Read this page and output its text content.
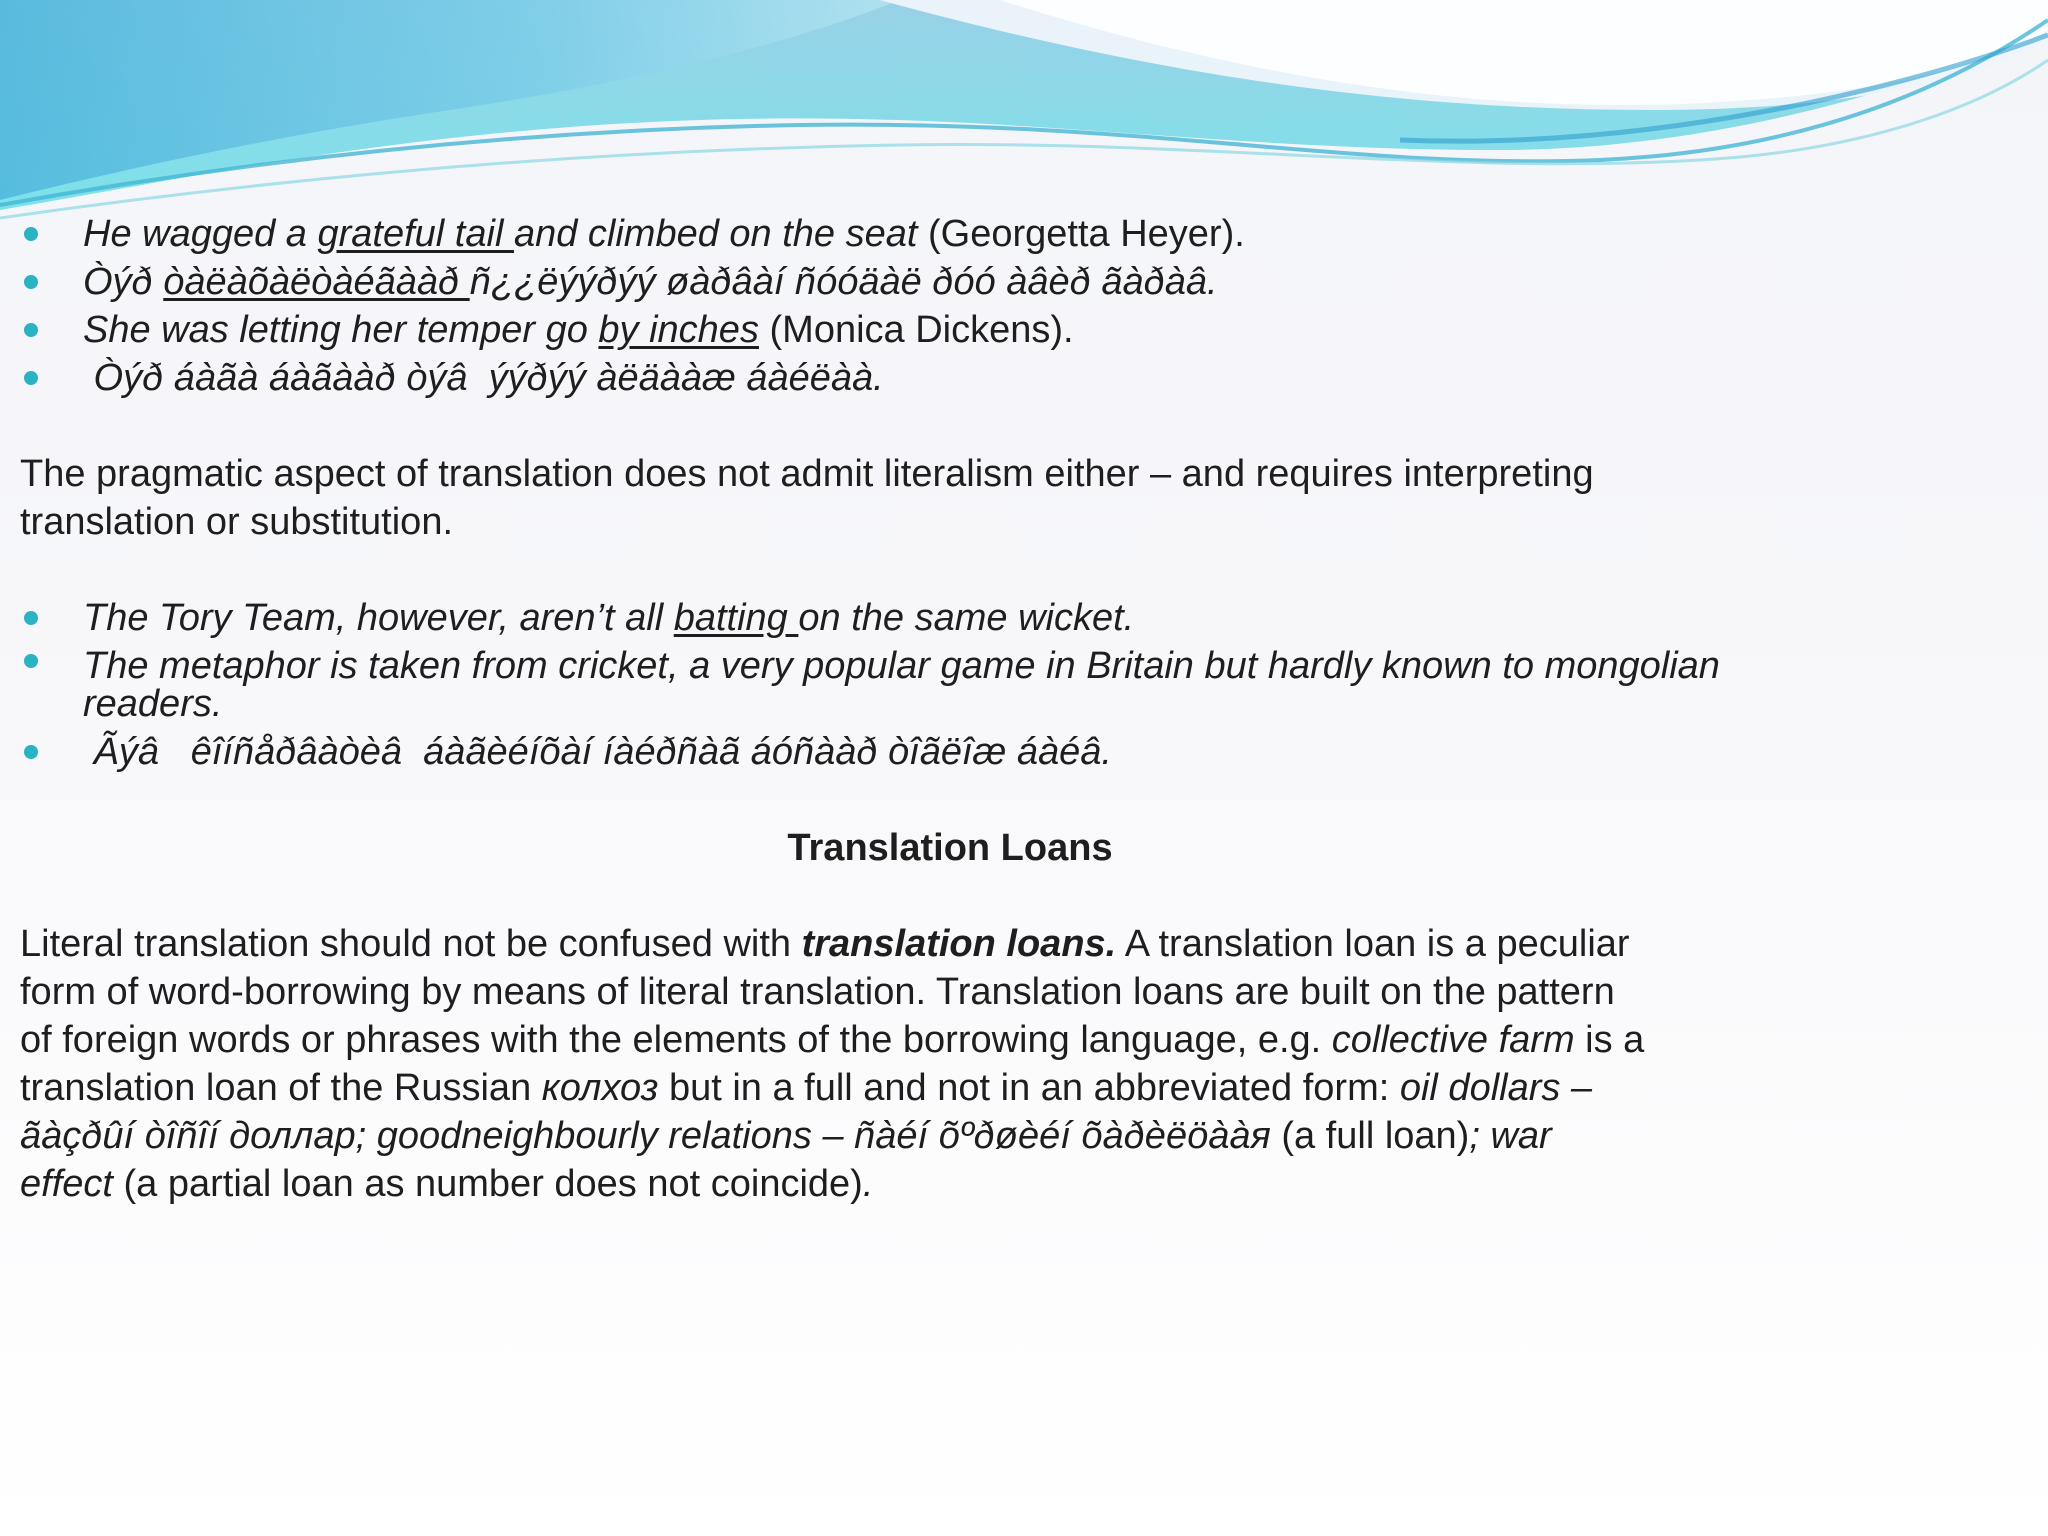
He wagged a grateful tail and climbed on the seat (Georgetta Heyer).
Òýð òàëàõàëòàéãààð ñ¿¿ëýýðýý øàðâàí ñóóäàë ðóó àâèð ãàðàâ.
She was letting her temper go by inches (Monica Dickens).
Òýð áàãà áàãààð òýâ  ýýðýý àëäààæ áàéëàà.

The pragmatic aspect of translation does not admit literalism either – and requires interpreting
translation or substitution.

The Tory Team, however, aren’t all batting on the same wicket.
The metaphor is taken from cricket, a very popular game in Britain but hardly known to mongolian
readers.
Ãýâ   êîíñåðâàòèâ  áàãèéíõàí íàéðñàã áóñààð òîãëîæ áàéâ.

Translation Loans

Literal translation should not be confused with translation loans. A translation loan is a peculiar
form of word-borrowing by means of literal translation. Translation loans are built on the pattern
of foreign words or phrases with the elements of the borrowing language, e.g. collective farm is a
translation loan of the Russian колхоз but in a full and not in an abbreviated form: oil dollars –
ãàçðûí òîñîí доллар; goodneighbourly relations – ñàéí õºðøèéí õàðèëöààя (a full loan); war
effect (a partial loan as number does not coincide).
